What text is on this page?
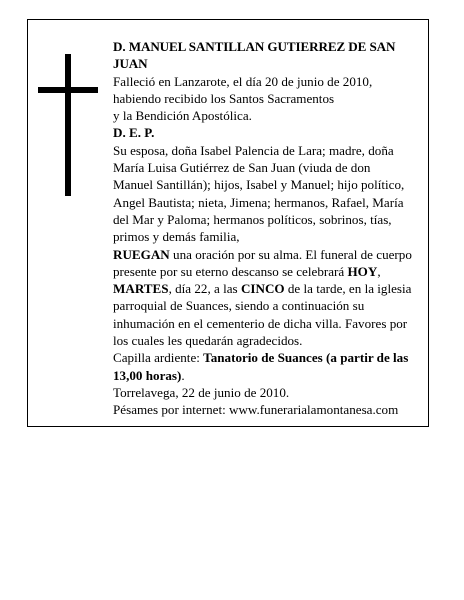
D. MANUEL SANTILLAN GUTIERREZ DE SAN JUAN

Falleció en Lanzarote, el día 20 de junio de 2010,
habiendo recibido los Santos Sacramentos
y la Bendición Apostólica.

D. E. P.

Su esposa, doña Isabel Palencia de Lara; madre, doña María Luisa Gutiérrez de San Juan (viuda de don Manuel Santillán); hijos, Isabel y Manuel; hijo político, Angel Bautista; nieta, Jimena; hermanos, Rafael, María del Mar y Paloma; hermanos políticos, sobrinos, tías, primos y demás familia,

RUEGAN una oración por su alma. El funeral de cuerpo presente por su eterno descanso se celebrará HOY, MARTES, día 22, a las CINCO de la tarde, en la iglesia parroquial de Suances, siendo a continuación su inhumación en el cementerio de dicha villa. Favores por los cuales les quedarán agradecidos.

Capilla ardiente: Tanatorio de Suances (a partir de las 13,00 horas).

Torrelavega, 22 de junio de 2010.

Pésames por internet: www.funerarialamontanesa.com
